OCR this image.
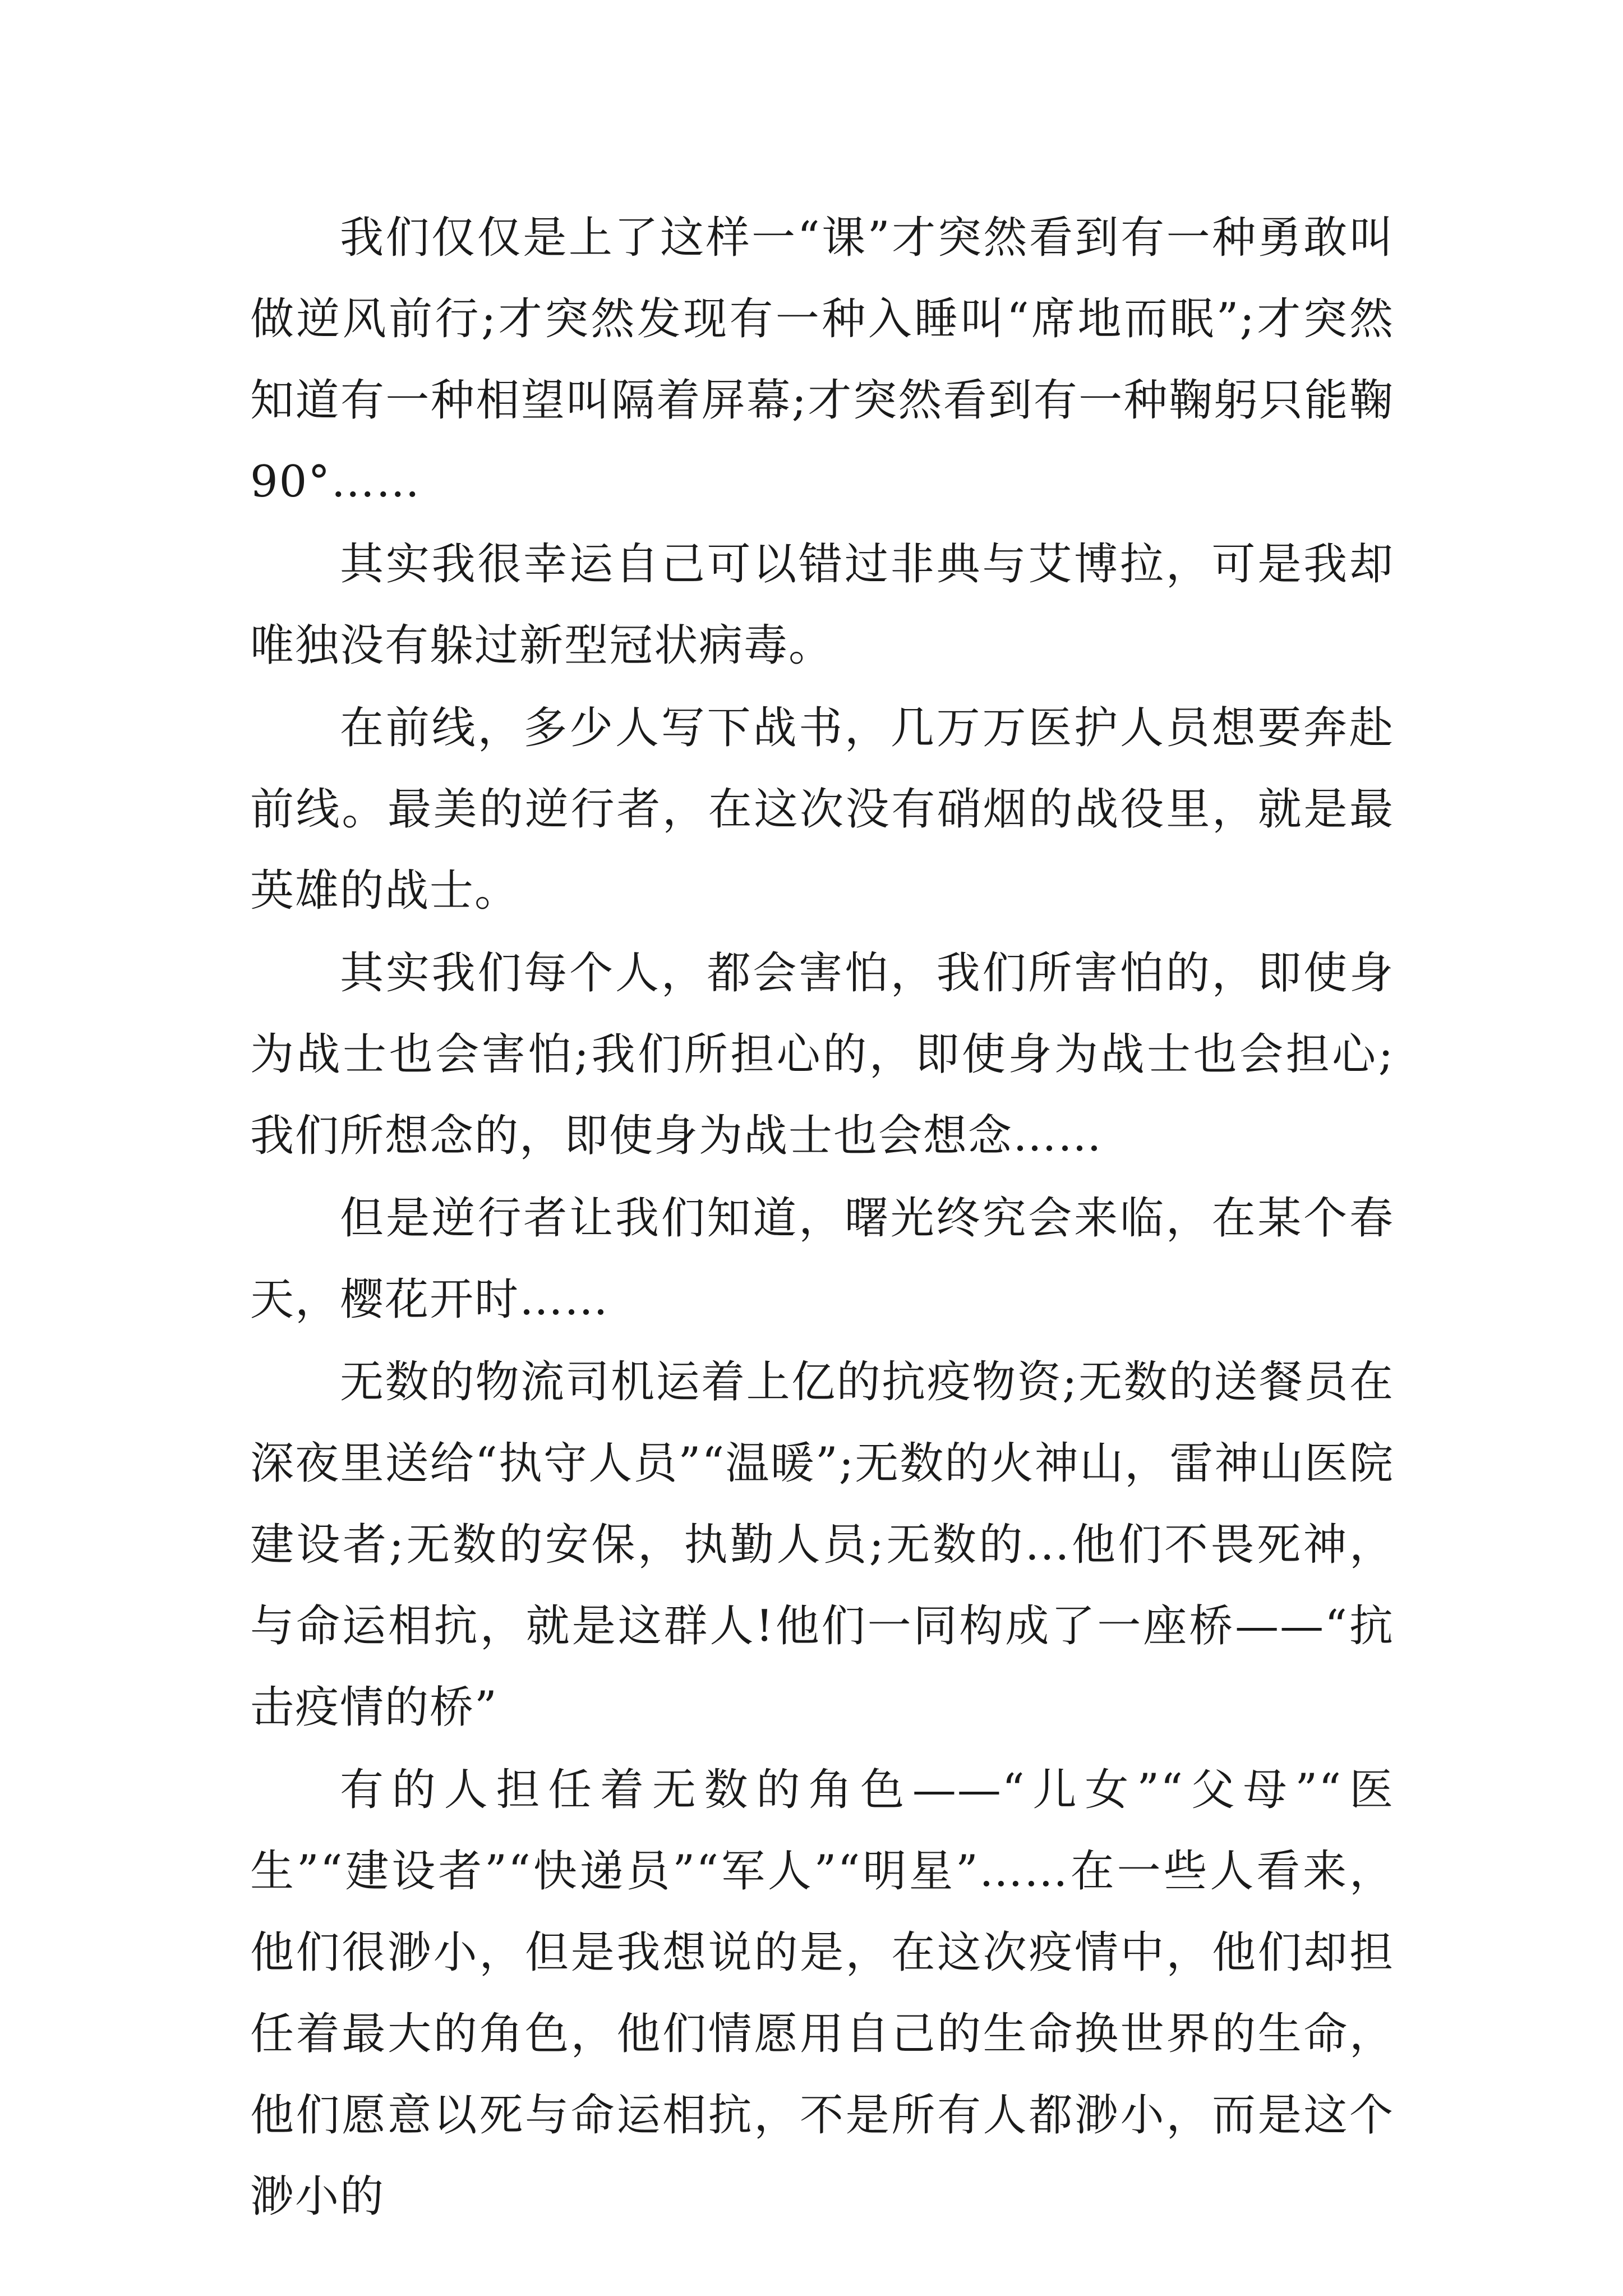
我们仅仅是上了这样一“课”才突然看到有一种勇敢叫做逆风前行;才突然发现有一种入睡叫“席地而眠”;才突然知道有一种相望叫隔着屏幕;才突然看到有一种鞠躬只能鞠90°……

其实我很幸运自己可以错过非典与艾博拉，可是我却唯独没有躲过新型冠状病毒。

在前线，多少人写下战书，几万万医护人员想要奔赴前线。最美的逆行者，在这次没有硝烟的战役里，就是最英雄的战士。

其实我们每个人，都会害怕，我们所害怕的，即使身为战士也会害怕;我们所担心的，即使身为战士也会担心;我们所想念的，即使身为战士也会想念……

但是逆行者让我们知道，曙光终究会来临，在某个春天，樱花开时……

无数的物流司机运着上亿的抗疫物资;无数的送餐员在深夜里送给“执守人员”“温暖”;无数的火神山，雷神山医院建设者;无数的安保，执勤人员;无数的...他们不畏死神，与命运相抗，就是这群人!他们一同构成了一座桥——“抗击疫情的桥”

有的人担任着无数的角色——“儿女”“父母”“医生”“建设者”“快递员”“军人”“明星”……在一些人看来，他们很渺小，但是我想说的是，在这次疫情中，他们却担任着最大的角色，他们情愿用自己的生命换世界的生命，他们愿意以死与命运相抗，不是所有人都渺小，而是这个渺小的
